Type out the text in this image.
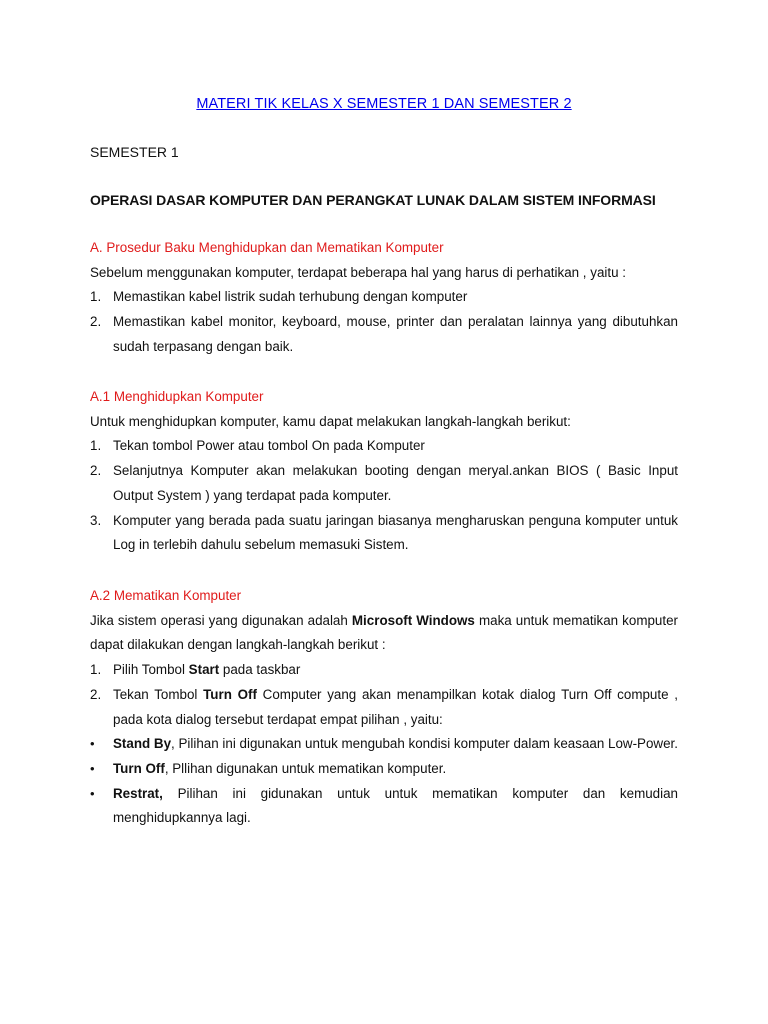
MATERI TIK KELAS X SEMESTER 1 DAN SEMESTER 2
SEMESTER 1
OPERASI DASAR KOMPUTER DAN PERANGKAT LUNAK DALAM SISTEM INFORMASI
A. Prosedur Baku Menghidupkan dan Mematikan Komputer
Sebelum menggunakan komputer, terdapat beberapa hal yang harus di perhatikan , yaitu :
1. Memastikan kabel listrik sudah terhubung dengan komputer
2. Memastikan kabel monitor, keyboard, mouse, printer dan peralatan lainnya yang dibutuhkan sudah terpasang dengan baik.
A.1 Menghidupkan Komputer
Untuk menghidupkan komputer, kamu dapat melakukan langkah-langkah berikut:
1. Tekan tombol Power atau tombol On pada Komputer
2. Selanjutnya Komputer akan melakukan booting dengan meryal.ankan BIOS ( Basic Input Output System ) yang terdapat pada komputer.
3. Komputer yang berada pada suatu jaringan biasanya mengharuskan penguna komputer untuk Log in terlebih dahulu sebelum memasuki Sistem.
A.2 Mematikan Komputer
Jika sistem operasi yang digunakan adalah Microsoft Windows maka untuk mematikan komputer dapat dilakukan dengan langkah-langkah berikut :
1. Pilih Tombol Start pada taskbar
2. Tekan Tombol Turn Off Computer yang akan menampilkan kotak dialog Turn Off compute , pada kota dialog tersebut terdapat empat pilihan , yaitu:
• Stand By, Pilihan ini digunakan untuk mengubah kondisi komputer dalam keasaan Low-Power.
• Turn Off, Pllihan digunakan untuk mematikan komputer.
• Restrat, Pilihan ini gidunakan untuk untuk mematikan komputer dan kemudian menghidupkannya lagi.
